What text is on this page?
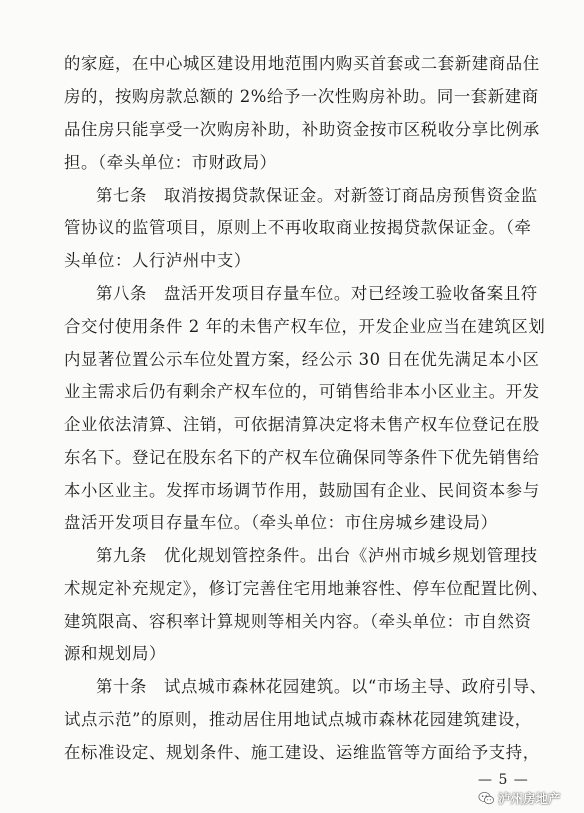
的家庭，在中心城区建设用地范围内购买首套或二套新建商品住
房的，按购房款总额的 2%给予一次性购房补助。同一套新建商
品住房只能享受一次购房补助，补助资金按市区税收分享比例承
担。（牵头单位：市财政局）
第七条　取消按揭贷款保证金。对新签订商品房预售资金监
管协议的监管项目，原则上不再收取商业按揭贷款保证金。（牵
头单位：人行泸州中支）
第八条　盘活开发项目存量车位。对已经竣工验收备案且符
合交付使用条件 2 年的未售产权车位，开发企业应当在建筑区划
内显著位置公示车位处置方案，经公示 30 日在优先满足本小区
业主需求后仍有剩余产权车位的，可销售给非本小区业主。开发
企业依法清算、注销，可依据清算决定将未售产权车位登记在股
东名下。登记在股东名下的产权车位确保同等条件下优先销售给
本小区业主。发挥市场调节作用，鼓励国有企业、民间资本参与
盘活开发项目存量车位。（牵头单位：市住房城乡建设局）
第九条　优化规划管控条件。出台《泸州市城乡规划管理技
术规定补充规定》，修订完善住宅用地兼容性、停车位配置比例、
建筑限高、容积率计算规则等相关内容。（牵头单位：市自然资
源和规划局）
第十条　试点城市森林花园建筑。以“市场主导、政府引导、
试点示范”的原则，推动居住用地试点城市森林花园建筑建设，
在标准设定、规划条件、施工建设、运维监管等方面给予支持，
— 5 —
泸州房地产
